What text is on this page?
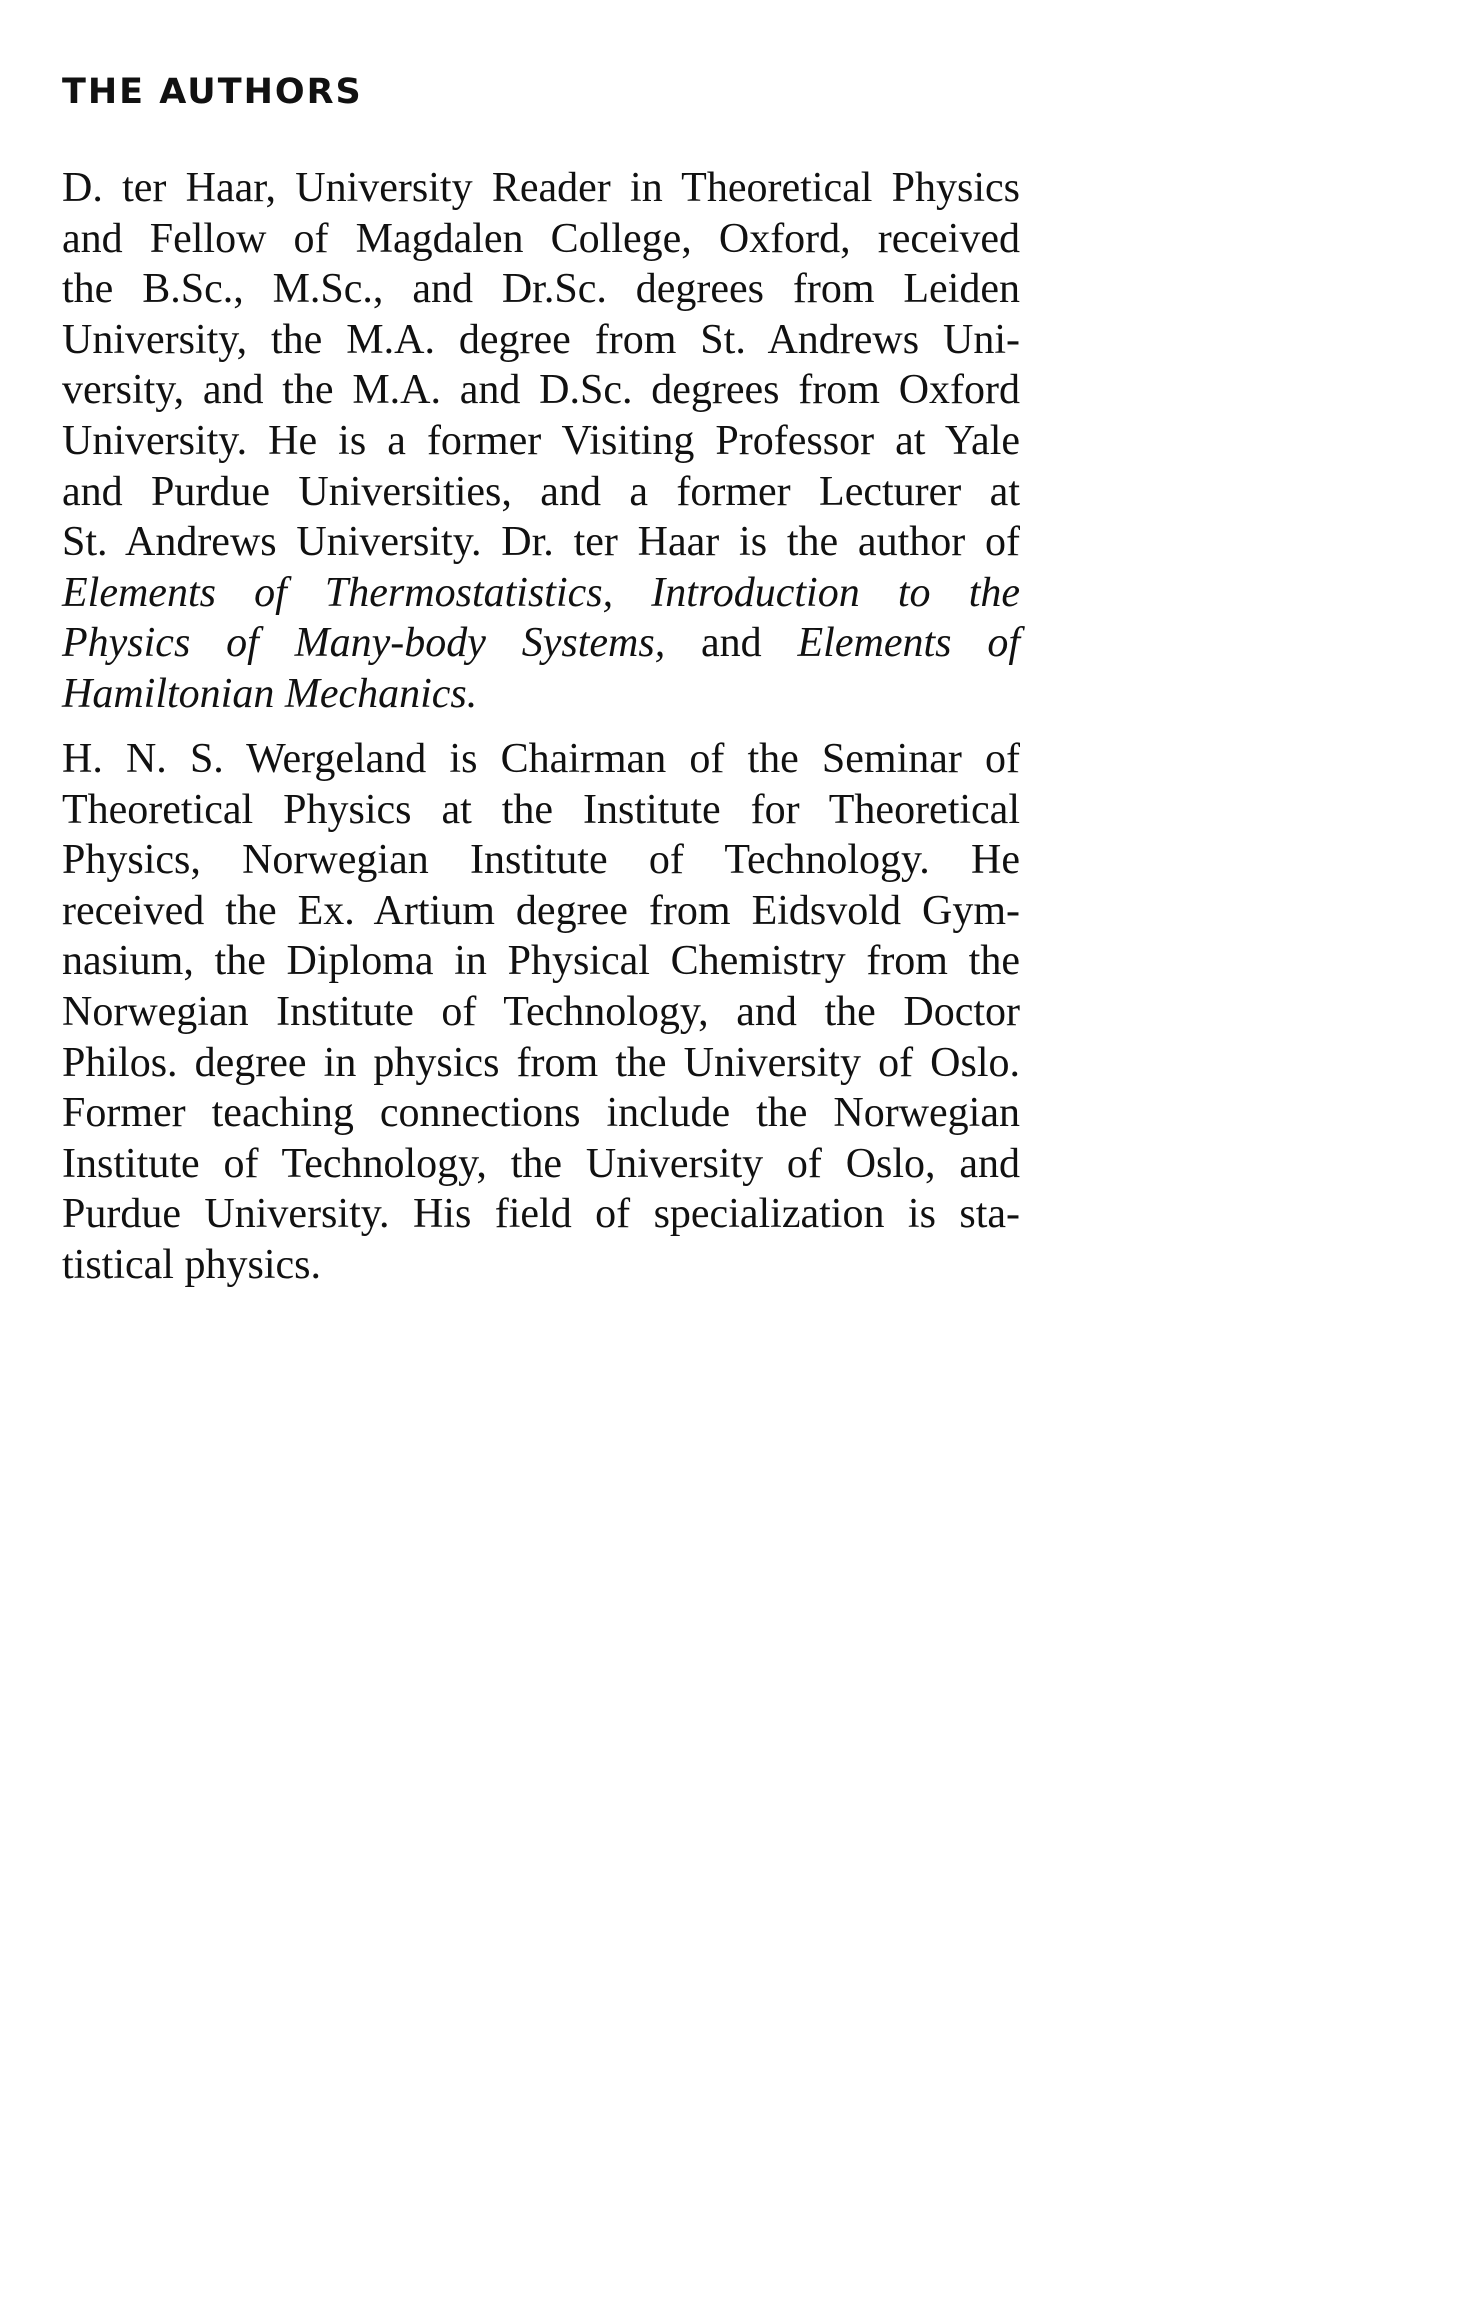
THE AUTHORS
D. ter Haar, University Reader in Theoretical Physics
and Fellow of Magdalen College, Oxford, received
the B.Sc., M.Sc., and Dr.Sc. degrees from Leiden
University, the M.A. degree from St. Andrews Uni-
versity, and the M.A. and D.Sc. degrees from Oxford
University. He is a former Visiting Professor at Yale
and Purdue Universities, and a former Lecturer at
St. Andrews University. Dr. ter Haar is the author of
Elements of Thermostatistics, Introduction to the
Physics of Many-body Systems, and Elements of
Hamiltonian Mechanics.
H. N. S. Wergeland is Chairman of the Seminar of
Theoretical Physics at the Institute for Theoretical
Physics, Norwegian Institute of Technology. He
received the Ex. Artium degree from Eidsvold Gym-
nasium, the Diploma in Physical Chemistry from the
Norwegian Institute of Technology, and the Doctor
Philos. degree in physics from the University of Oslo.
Former teaching connections include the Norwegian
Institute of Technology, the University of Oslo, and
Purdue University. His field of specialization is sta-
tistical physics.
